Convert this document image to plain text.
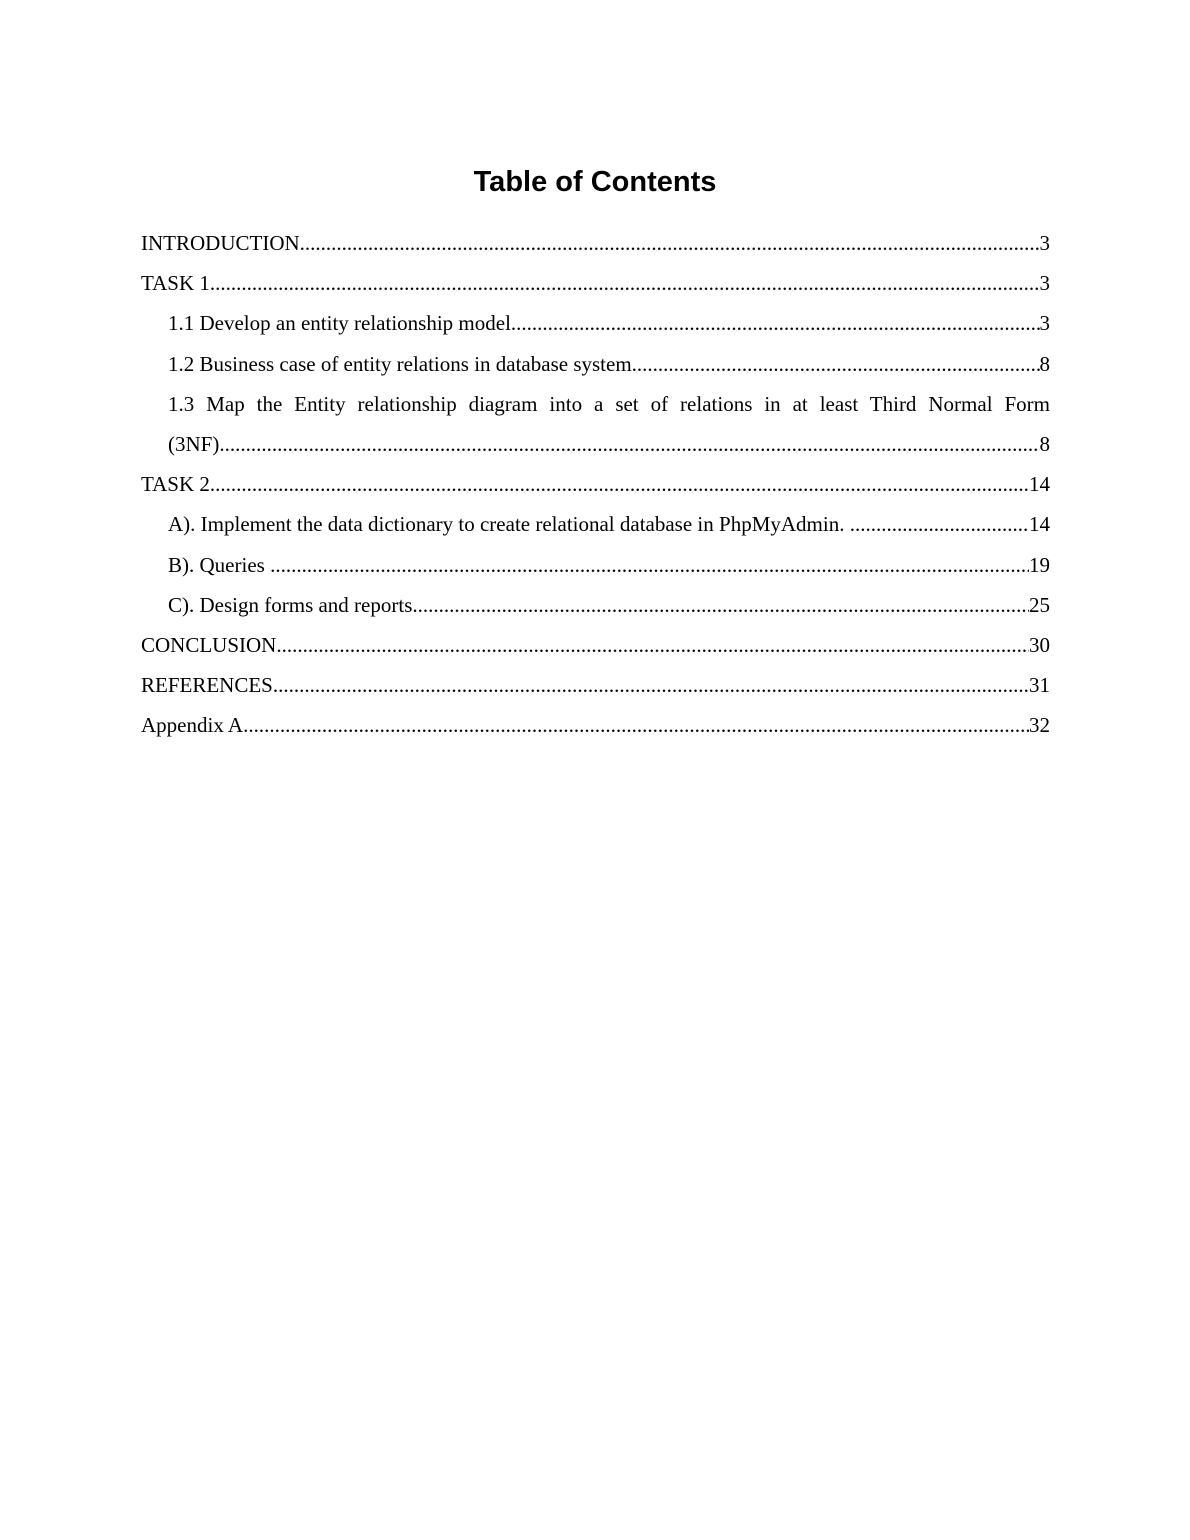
Table of Contents
INTRODUCTION .....	3
TASK 1 .....	3
1.1 Develop an entity relationship model .....	3
1.2 Business case of entity relations in database system .....	8
1.3 Map the Entity relationship diagram into a set of relations in at least Third Normal Form
(3NF) .....	8
TASK 2 .....	14
A). Implement the data dictionary to create relational database in PhpMyAdmin. .....	14
B). Queries .....	19
C). Design forms and reports .....	25
CONCLUSION .....	30
REFERENCES .....	31
Appendix A .....	32
